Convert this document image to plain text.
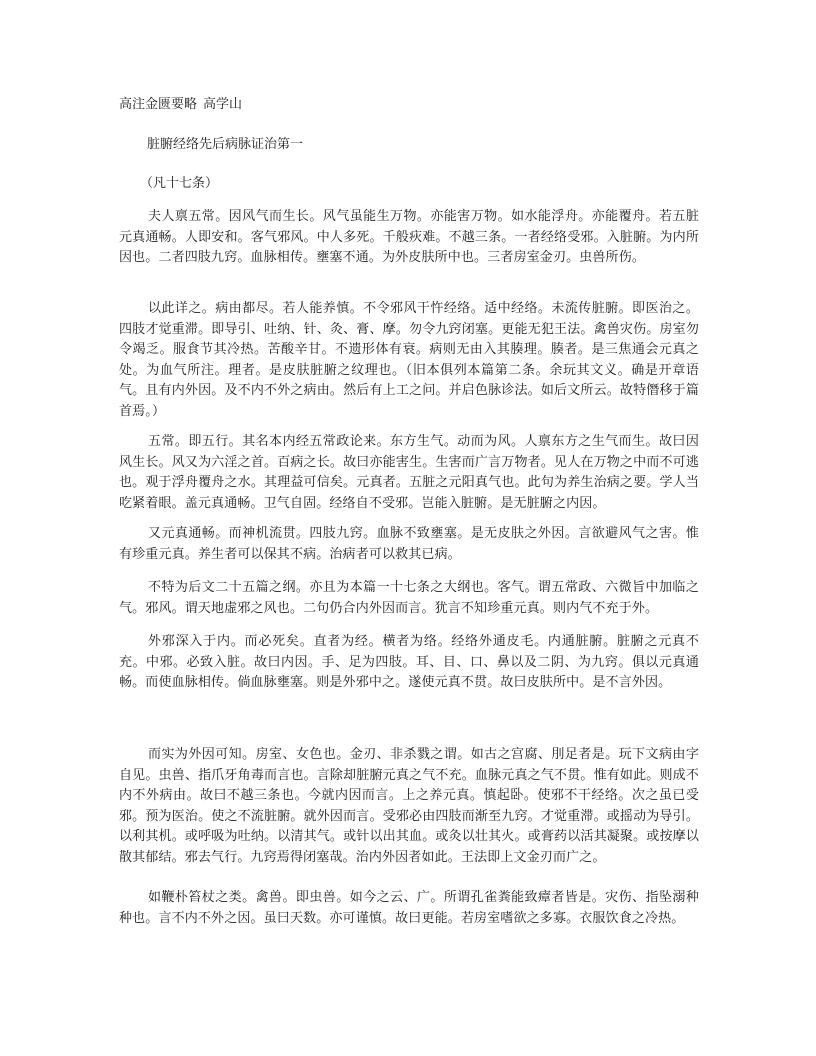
高注金匮要略 高学山
脏腑经络先后病脉证治第一
（凡十七条）

夫人禀五常。因风气而生长。风气虽能生万物。亦能害万物。如水能浮舟。亦能覆舟。若五脏元真通畅。人即安和。客气邪风。中人多死。千般疢难。不越三条。一者经络受邪。入脏腑。为内所因也。二者四肢九窍。血脉相传。壅塞不通。为外皮肤所中也。三者房室金刃。虫兽所伤。

以此详之。病由都尽。若人能养慎。不令邪风干忤经络。适中经络。未流传脏腑。即医治之。四肢才觉重滞。即导引、吐纳、针、灸、膏、摩。勿令九窍闭塞。更能无犯王法。禽兽灾伤。房室勿令竭乏。服食节其冷热。苦酸辛甘。不遗形体有衰。病则无由入其腠理。腠者。是三焦通会元真之处。为血气所注。理者。是皮肤脏腑之纹理也。（旧本俱列本篇第二条。余玩其文义。确是开章语气。且有内外因。及不内不外之病由。然后有上工之问。并启色脉诊法。如后文所云。故特僭移于篇首焉。）

五常。即五行。其名本内经五常政论来。东方生气。动而为风。人禀东方之生气而生。故曰因风生长。风又为六淫之首。百病之长。故曰亦能害生。生害而广言万物者。见人在万物之中而不可逃也。观于浮舟覆舟之水。其理益可信矣。元真者。五脏之元阳真气也。此句为养生治病之要。学人当吃紧着眼。盖元真通畅。卫气自固。经络自不受邪。岂能入脏腑。是无脏腑之内因。

又元真通畅。而神机流贯。四肢九窍。血脉不致壅塞。是无皮肤之外因。言欲避风气之害。惟有珍重元真。养生者可以保其不病。治病者可以救其已病。

不特为后文二十五篇之纲。亦且为本篇一十七条之大纲也。客气。谓五常政、六微旨中加临之气。邪风。谓天地虚邪之风也。二句仍合内外因而言。犹言不知珍重元真。则内气不充于外。

外邪深入于内。而必死矣。直者为经。横者为络。经络外通皮毛。内通脏腑。脏腑之元真不充。中邪。必致入脏。故曰内因。手、足为四肢。耳、目、口、鼻以及二阴、为九窍。俱以元真通畅。而使血脉相传。倘血脉壅塞。则是外邪中之。遂使元真不贯。故曰皮肤所中。是不言外因。

而实为外因可知。房室、女色也。金刃、非杀戮之谓。如古之宫腐、刖足者是。玩下文病由字自见。虫兽、指爪牙角毒而言也。言除却脏腑元真之气不充。血脉元真之气不贯。惟有如此。则成不内不外病由。故曰不越三条也。今就内因而言。上之养元真。慎起卧。使邪不干经络。次之虽已受邪。预为医治。使之不流脏腑。就外因而言。受邪必由四肢而渐至九窍。才觉重滞。或摇动为导引。以利其机。或呼吸为吐纳。以清其气。或针以出其血。或灸以壮其火。或膏药以活其凝聚。或按摩以散其郁结。邪去气行。九窍焉得闭塞哉。治内外因者如此。王法即上文金刃而广之。

如鞭朴笞杖之类。禽兽。即虫兽。如今之云、广。所谓孔雀粪能致瘴者皆是。灾伤、指坠溺种种也。言不内不外之因。虽曰天数。亦可谨慎。故曰更能。若房室嗜欲之多寡。衣服饮食之冷热。
